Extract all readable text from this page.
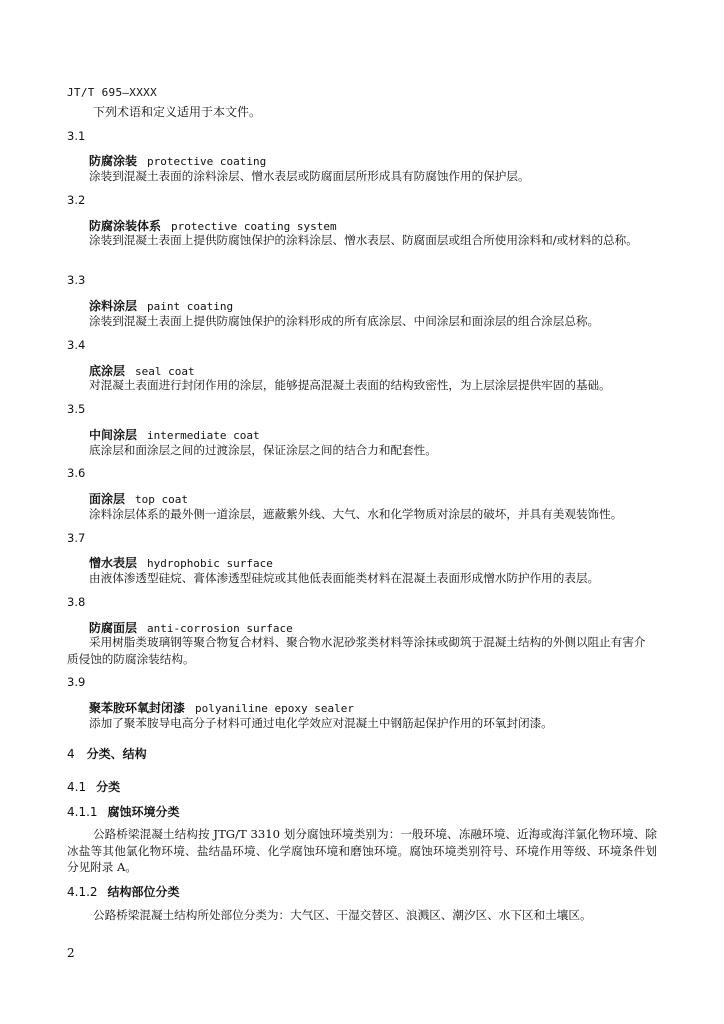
JT/T 695—XXXX
下列术语和定义适用于本文件。
3.1
防腐涂装 protective coating
涂装到混凝土表面的涂料涂层、憎水表层或防腐面层所形成具有防腐蚀作用的保护层。
3.2
防腐涂装体系 protective coating system
涂装到混凝土表面上提供防腐蚀保护的涂料涂层、憎水表层、防腐面层或组合所使用涂料和/或材料的总称。
3.3
涂料涂层 paint coating
涂装到混凝土表面上提供防腐蚀保护的涂料形成的所有底涂层、中间涂层和面涂层的组合涂层总称。
3.4
底涂层 seal coat
对混凝土表面进行封闭作用的涂层，能够提高混凝土表面的结构致密性，为上层涂层提供牢固的基础。
3.5
中间涂层 intermediate coat
底涂层和面涂层之间的过渡涂层，保证涂层之间的结合力和配套性。
3.6
面涂层 top coat
涂料涂层体系的最外侧一道涂层，遮蔽紫外线、大气、水和化学物质对涂层的破坏，并具有美观装饰性。
3.7
憎水表层 hydrophobic surface
由液体渗透型硅烷、膏体渗透型硅烷或其他低表面能类材料在混凝土表面形成憎水防护作用的表层。
3.8
防腐面层 anti-corrosion surface
采用树脂类玻璃钢等聚合物复合材料、聚合物水泥砂浆类材料等涂抹或砌筑于混凝土结构的外侧以阻止有害介质侵蚀的防腐涂装结构。
3.9
聚苯胺环氧封闭漆 polyaniline epoxy sealer
添加了聚苯胺导电高分子材料可通过电化学效应对混凝土中钢筋起保护作用的环氧封闭漆。
4 分类、结构
4.1 分类
4.1.1 腐蚀环境分类
公路桥梁混凝土结构按 JTG/T 3310 划分腐蚀环境类别为：一般环境、冻融环境、近海或海洋氯化物环境、除冰盐等其他氯化物环境、盐结晶环境、化学腐蚀环境和磨蚀环境。腐蚀环境类别符号、环境作用等级、环境条件划分见附录 A。
4.1.2 结构部位分类
公路桥梁混凝土结构所处部位分类为：大气区、干湿交替区、浪溅区、潮汐区、水下区和土壤区。
2
